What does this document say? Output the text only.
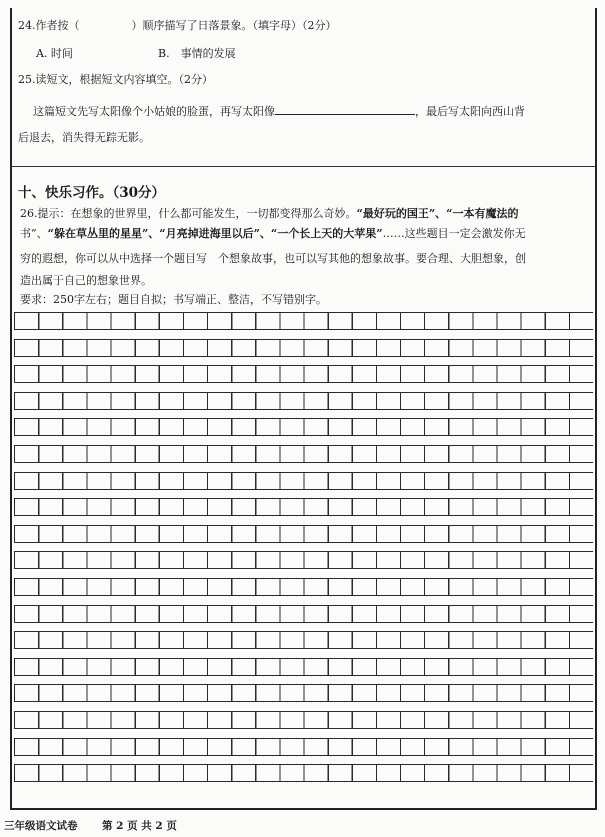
24.作者按（	）顺序描写了日落景象。（填字母）（2分）
A. 时间	B.　事情的发展
25.读短文，根据短文内容填空。（2分）
这篇短文先写太阳像个小姑娘的脸蛋，再写太阳像	，最后写太阳向西山背
后退去，消失得无踪无影。
十、快乐习作。（30分）
26.提示：在想象的世界里，什么都可能发生，一切都变得那么奇妙。“最好玩的国王”、“一本有魔法的
书”、“躲在草丛里的星星”、“月亮掉进海里以后”、“一个长上天的大苹果”……这些题目一定会激发你无
穷的遐想，你可以从中选择一个题目写　个想象故事，也可以写其他的想象故事。要合理、大胆想象，创
造出属于自己的想象世界。
要求：250字左右；题目自拟；书写端正、整洁，不写错别字。
三年级语文试卷 第 2 页 共 2 页
